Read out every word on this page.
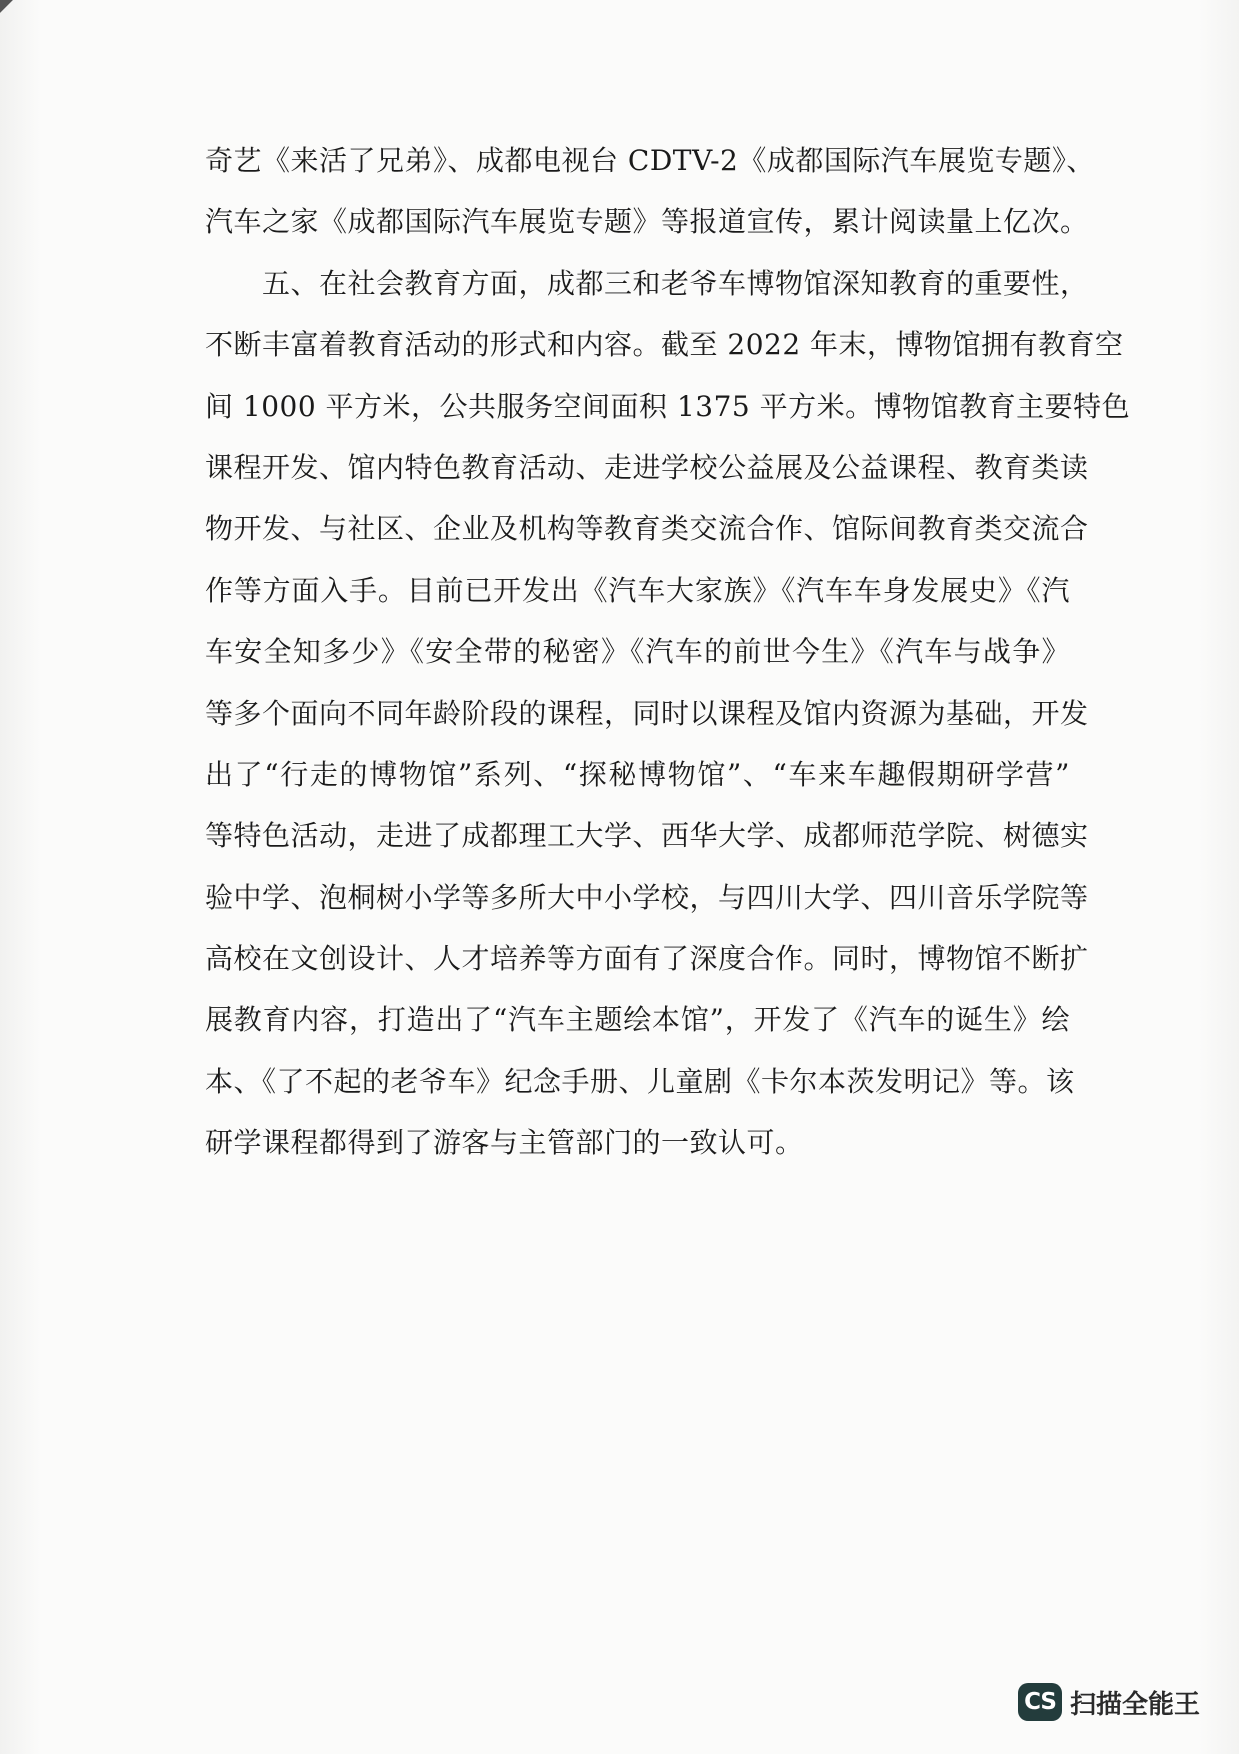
奇艺《来活了兄弟》、成都电视台 CDTV-2《成都国际汽车展览专题》、
汽车之家《成都国际汽车展览专题》等报道宣传，累计阅读量上亿次。
　　五、在社会教育方面，成都三和老爷车博物馆深知教育的重要性，
不断丰富着教育活动的形式和内容。截至 2022 年末，博物馆拥有教育空
间 1000 平方米，公共服务空间面积 1375 平方米。博物馆教育主要特色
课程开发、馆内特色教育活动、走进学校公益展及公益课程、教育类读
物开发、与社区、企业及机构等教育类交流合作、馆际间教育类交流合
作等方面入手。目前已开发出《汽车大家族》《汽车车身发展史》《汽
车安全知多少》《安全带的秘密》《汽车的前世今生》《汽车与战争》
等多个面向不同年龄阶段的课程，同时以课程及馆内资源为基础，开发
出了“行走的博物馆”系列、“探秘博物馆”、“车来车趣假期研学营”
等特色活动，走进了成都理工大学、西华大学、成都师范学院、树德实
验中学、泡桐树小学等多所大中小学校，与四川大学、四川音乐学院等
高校在文创设计、人才培养等方面有了深度合作。同时，博物馆不断扩
展教育内容，打造出了“汽车主题绘本馆”，开发了《汽车的诞生》绘
本、《了不起的老爷车》纪念手册、儿童剧《卡尔本茨发明记》等。该
研学课程都得到了游客与主管部门的一致认可。
CS 扫描全能王
